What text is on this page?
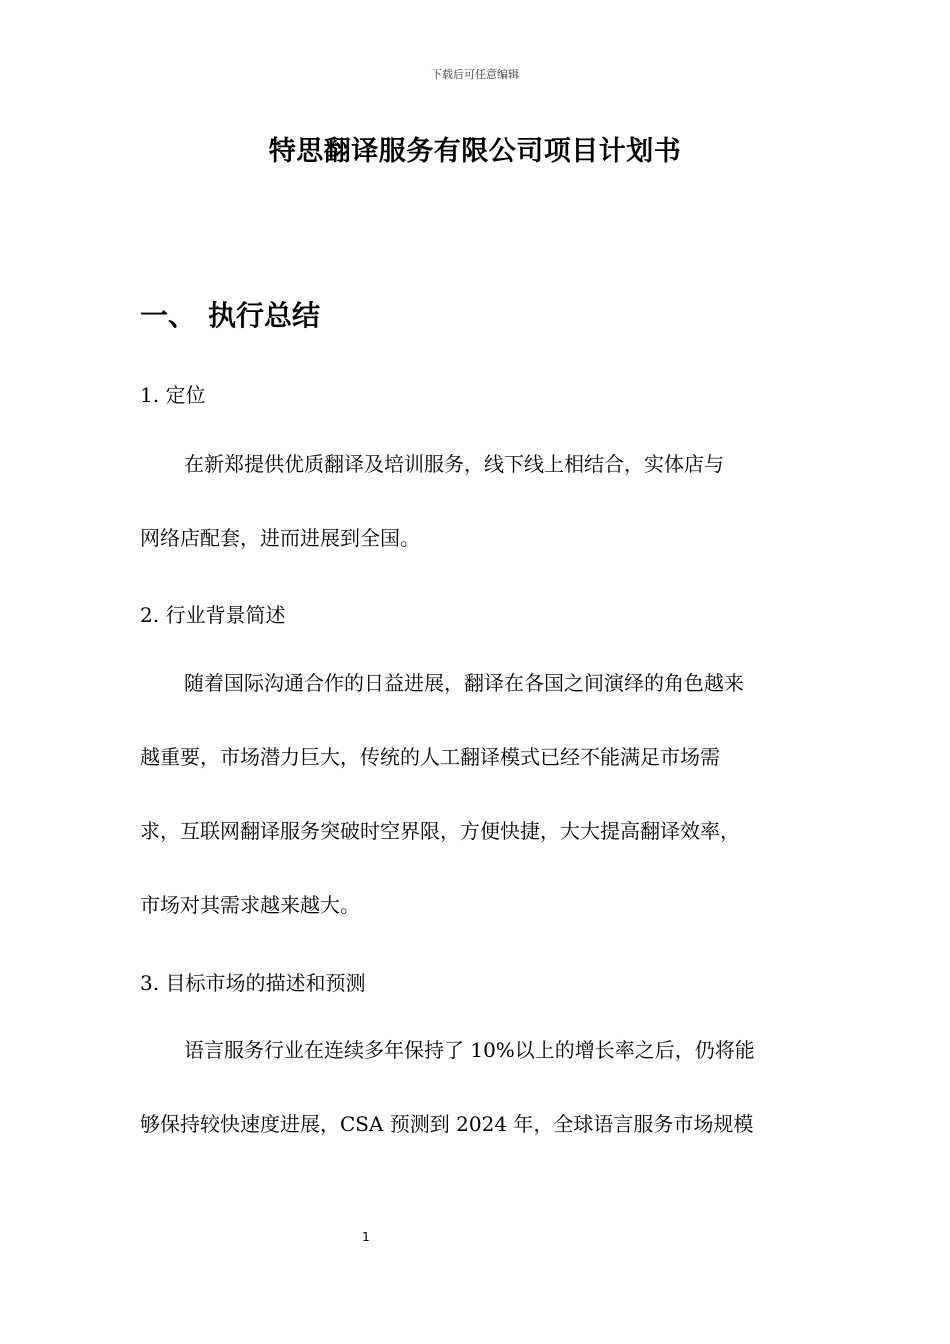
下载后可任意编辑
特思翻译服务有限公司项目计划书
一、 执行总结
1. 定位
在新郑提供优质翻译及培训服务，线下线上相结合，实体店与
网络店配套，进而进展到全国。
2. 行业背景简述
随着国际沟通合作的日益进展，翻译在各国之间演绎的角色越来
越重要，市场潜力巨大，传统的人工翻译模式已经不能满足市场需
求，互联网翻译服务突破时空界限，方便快捷，大大提高翻译效率，
市场对其需求越来越大。
3. 目标市场的描述和预测
语言服务行业在连续多年保持了 10%以上的增长率之后，仍将能
够保持较快速度进展，CSA 预测到 2024 年，全球语言服务市场规模
1
